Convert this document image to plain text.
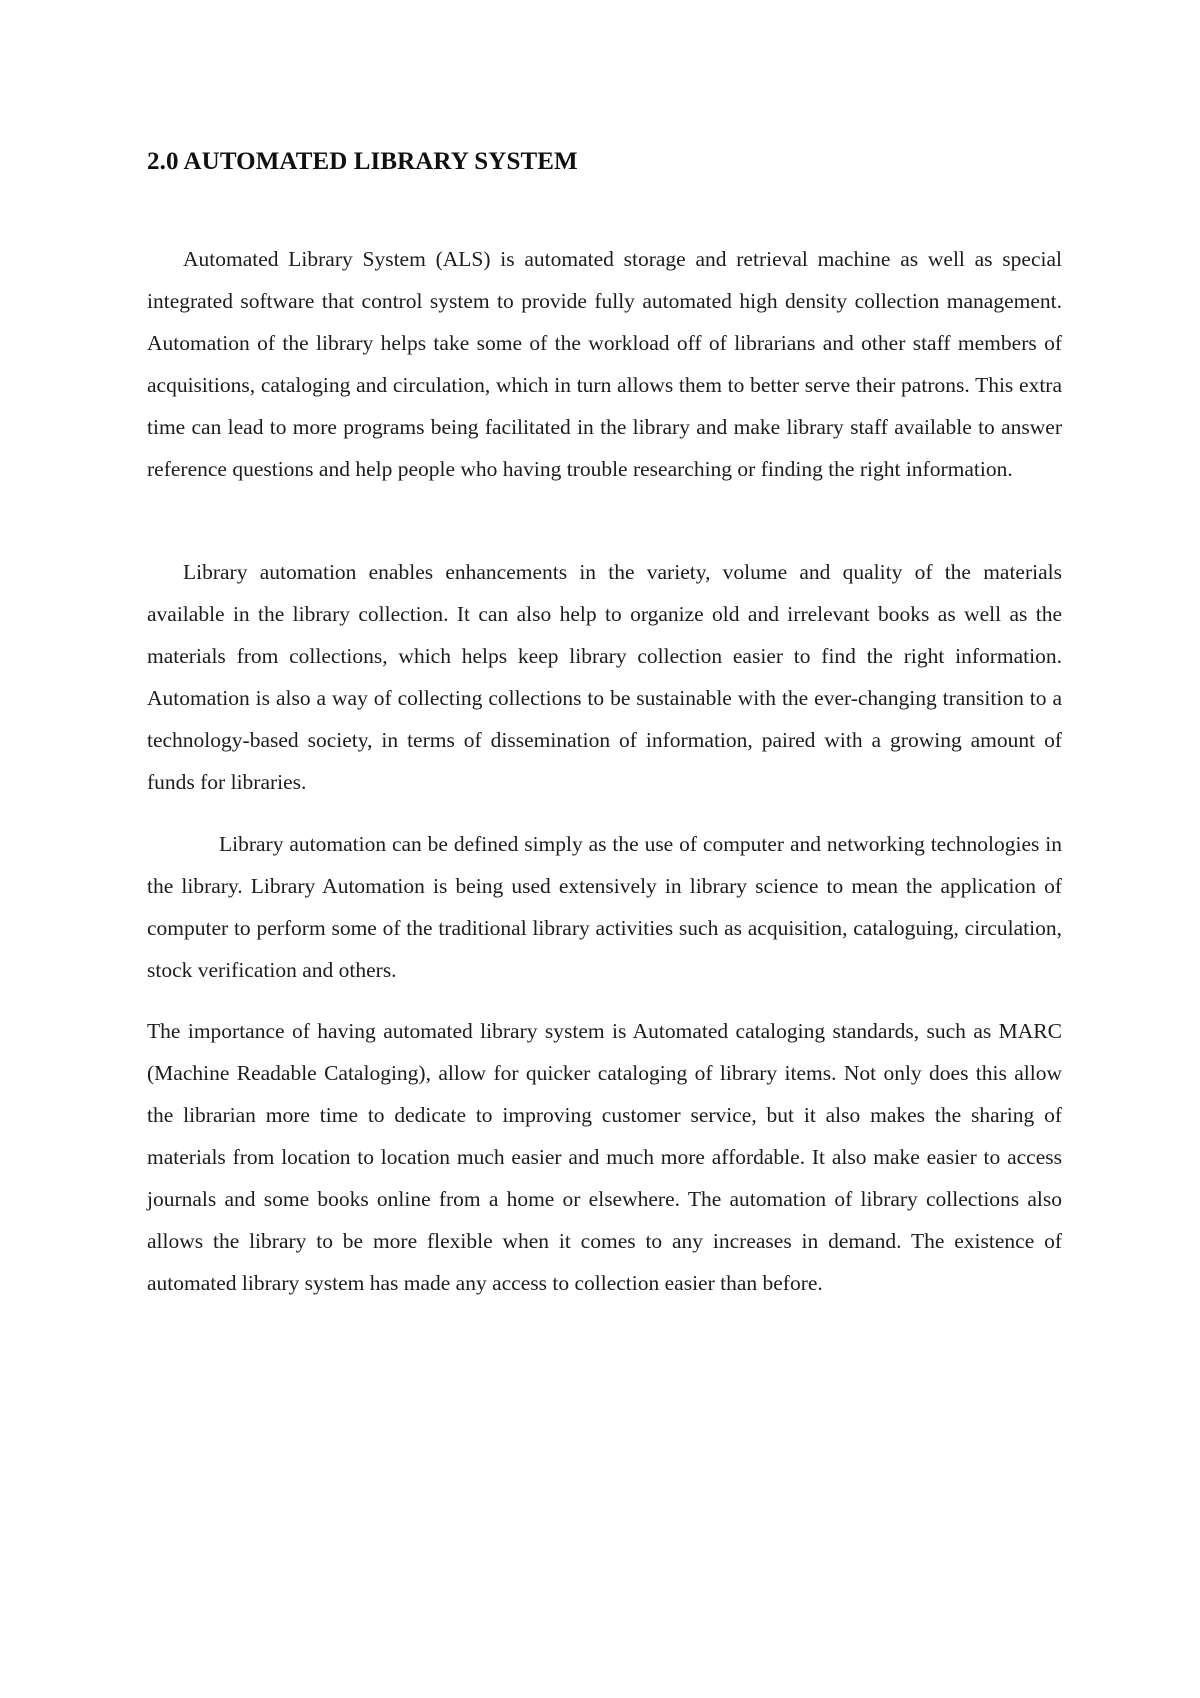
2.0 AUTOMATED LIBRARY SYSTEM

Automated Library System (ALS) is automated storage and retrieval machine as well as special integrated software that control system to provide fully automated high density collection management. Automation of the library helps take some of the workload off of librarians and other staff members of acquisitions, cataloging and circulation, which in turn allows them to better serve their patrons. This extra time can lead to more programs being facilitated in the library and make library staff available to answer reference questions and help people who having trouble researching or finding the right information.

Library automation enables enhancements in the variety, volume and quality of the materials available in the library collection. It can also help to organize old and irrelevant books as well as the materials from collections, which helps keep library collection easier to find the right information. Automation is also a way of collecting collections to be sustainable with the ever-changing transition to a technology-based society, in terms of dissemination of information, paired with a growing amount of funds for libraries.

Library automation can be defined simply as the use of computer and networking technologies in the library. Library Automation is being used extensively in library science to mean the application of computer to perform some of the traditional library activities such as acquisition, cataloguing, circulation, stock verification and others.

The importance of having automated library system is Automated cataloging standards, such as MARC (Machine Readable Cataloging), allow for quicker cataloging of library items. Not only does this allow the librarian more time to dedicate to improving customer service, but it also makes the sharing of materials from location to location much easier and much more affordable. It also make easier to access journals and some books online from a home or elsewhere. The automation of library collections also allows the library to be more flexible when it comes to any increases in demand. The existence of automated library system has made any access to collection easier than before.
